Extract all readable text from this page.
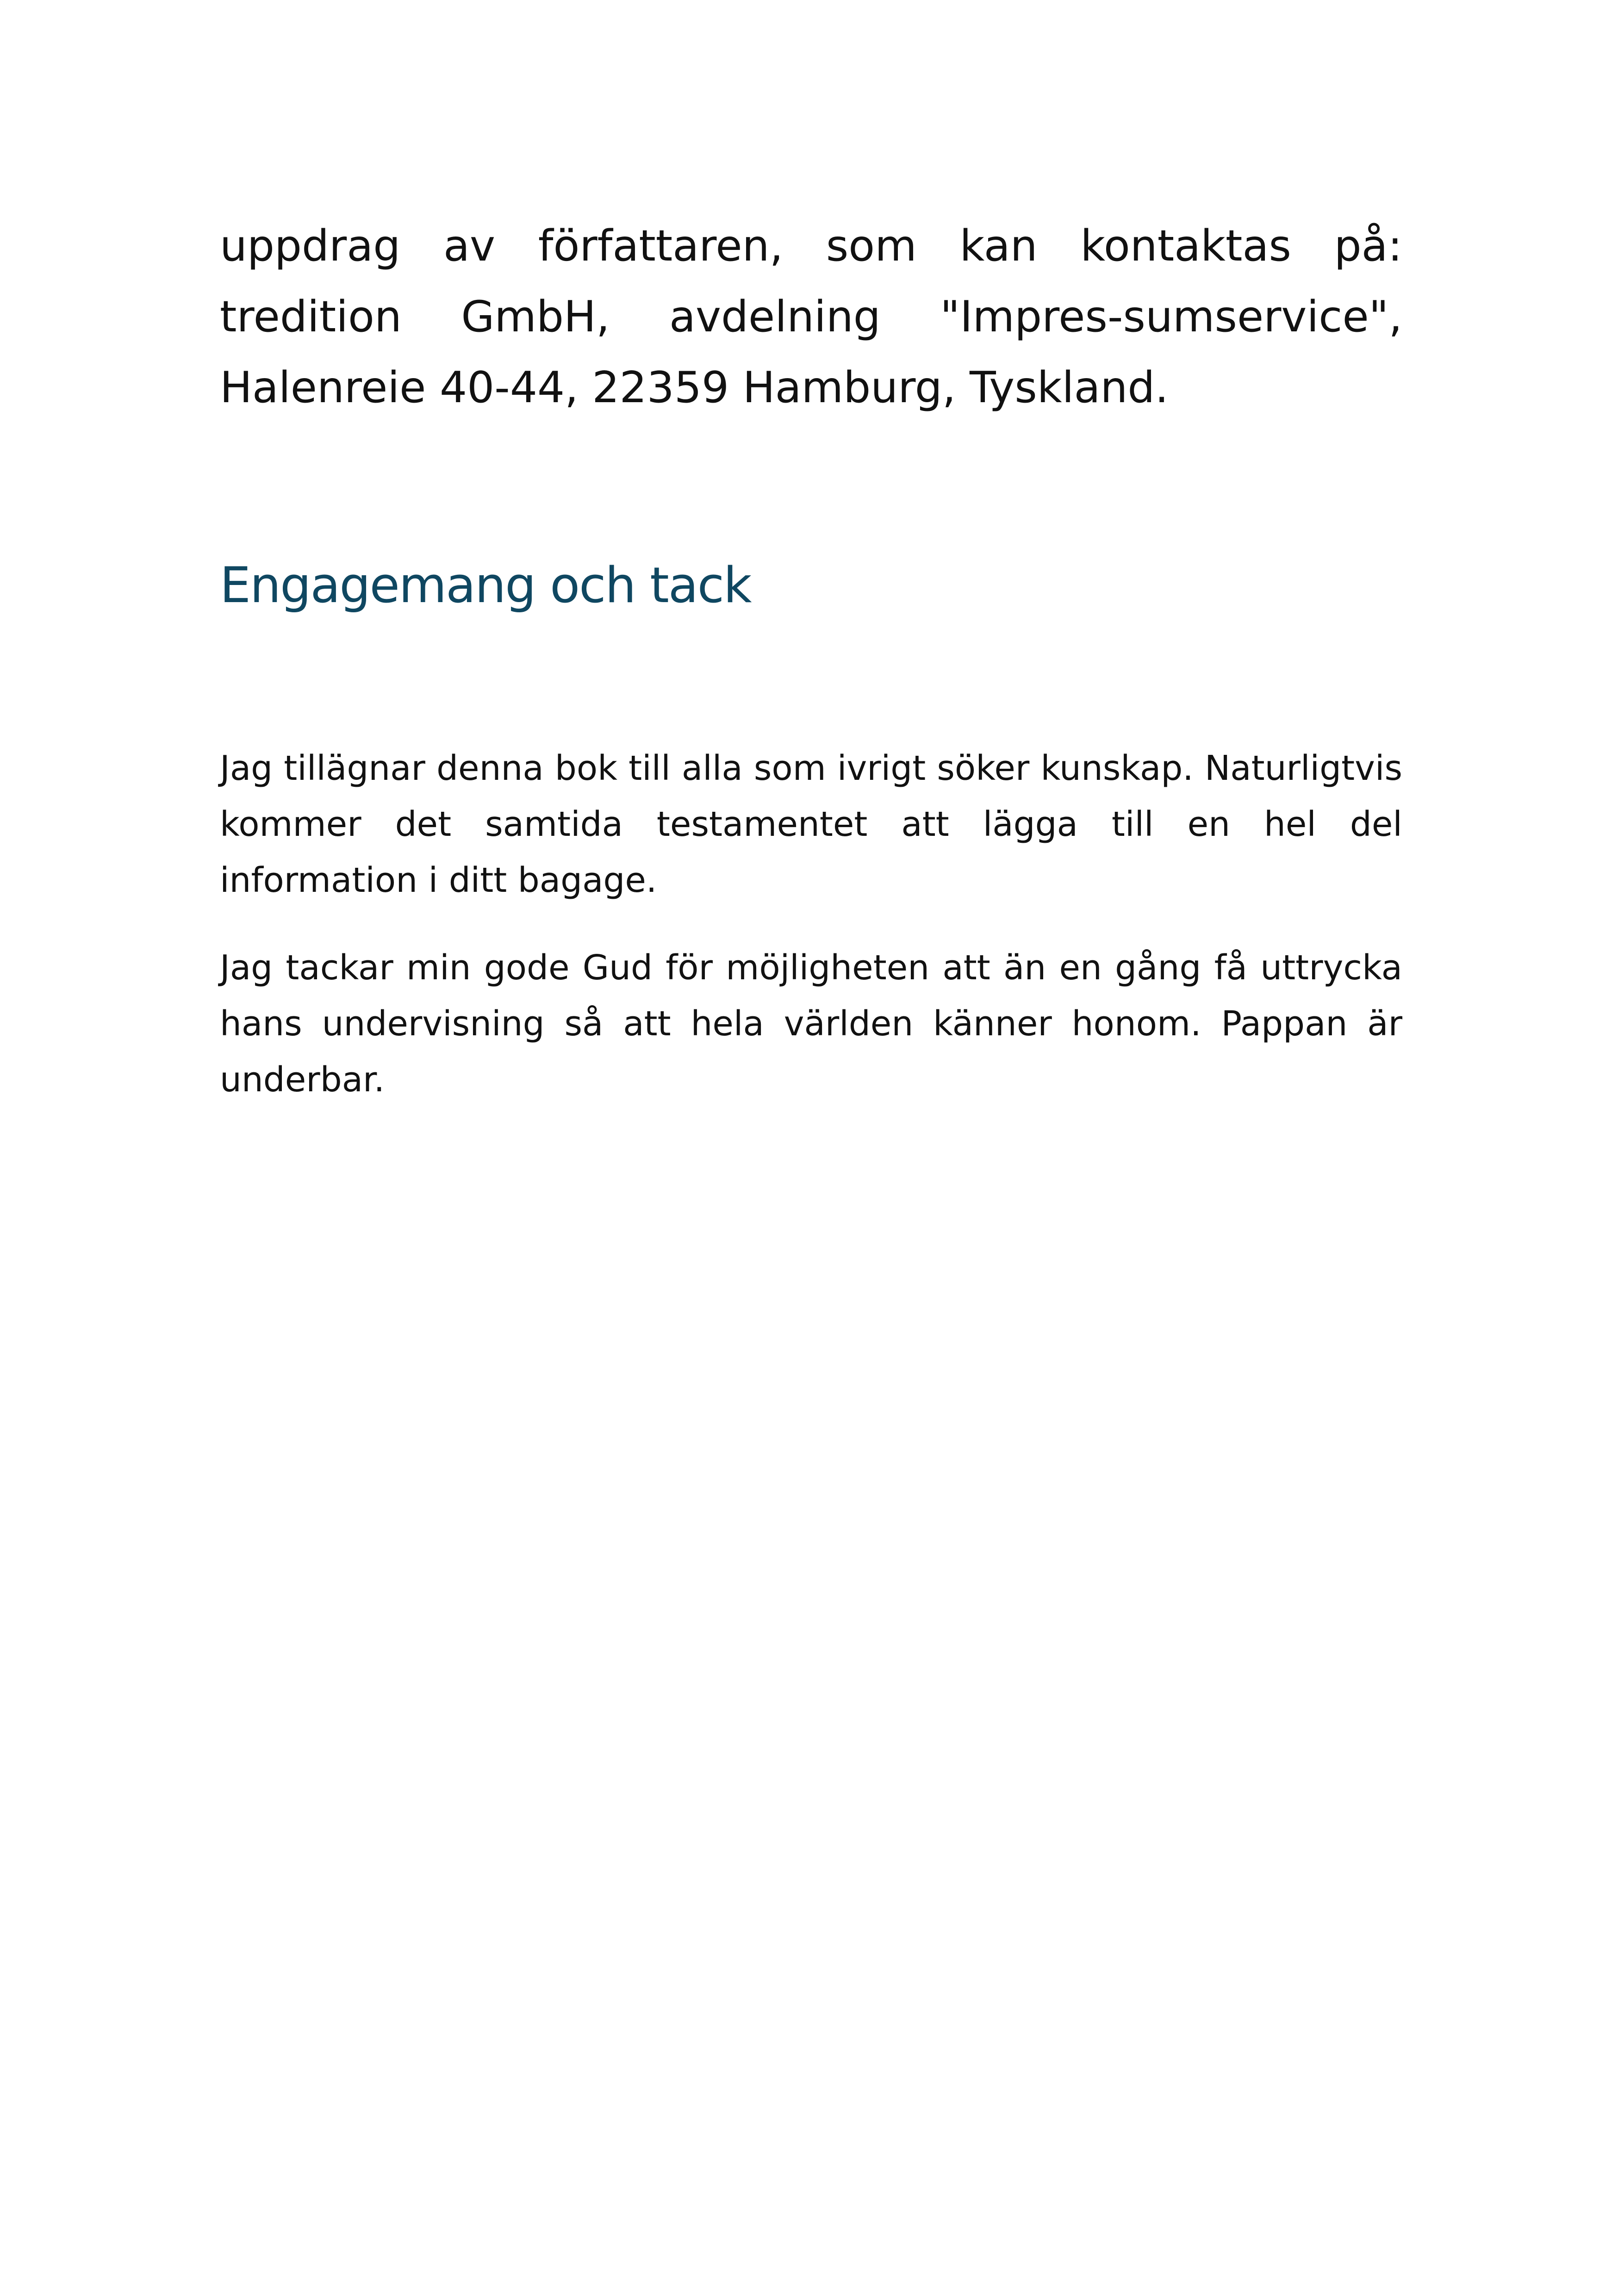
uppdrag av författaren, som kan kontaktas på: tredition GmbH, avdelning "Impres-sumservice", Halenreie 40-44, 22359 Hamburg, Tyskland.

Engagemang och tack

Jag tillägnar denna bok till alla som ivrigt söker kunskap. Naturligtvis kommer det samtida testamentet att lägga till en hel del information i ditt bagage.

Jag tackar min gode Gud för möjligheten att än en gång få uttrycka hans undervisning så att hela världen känner honom. Pappan är underbar.
